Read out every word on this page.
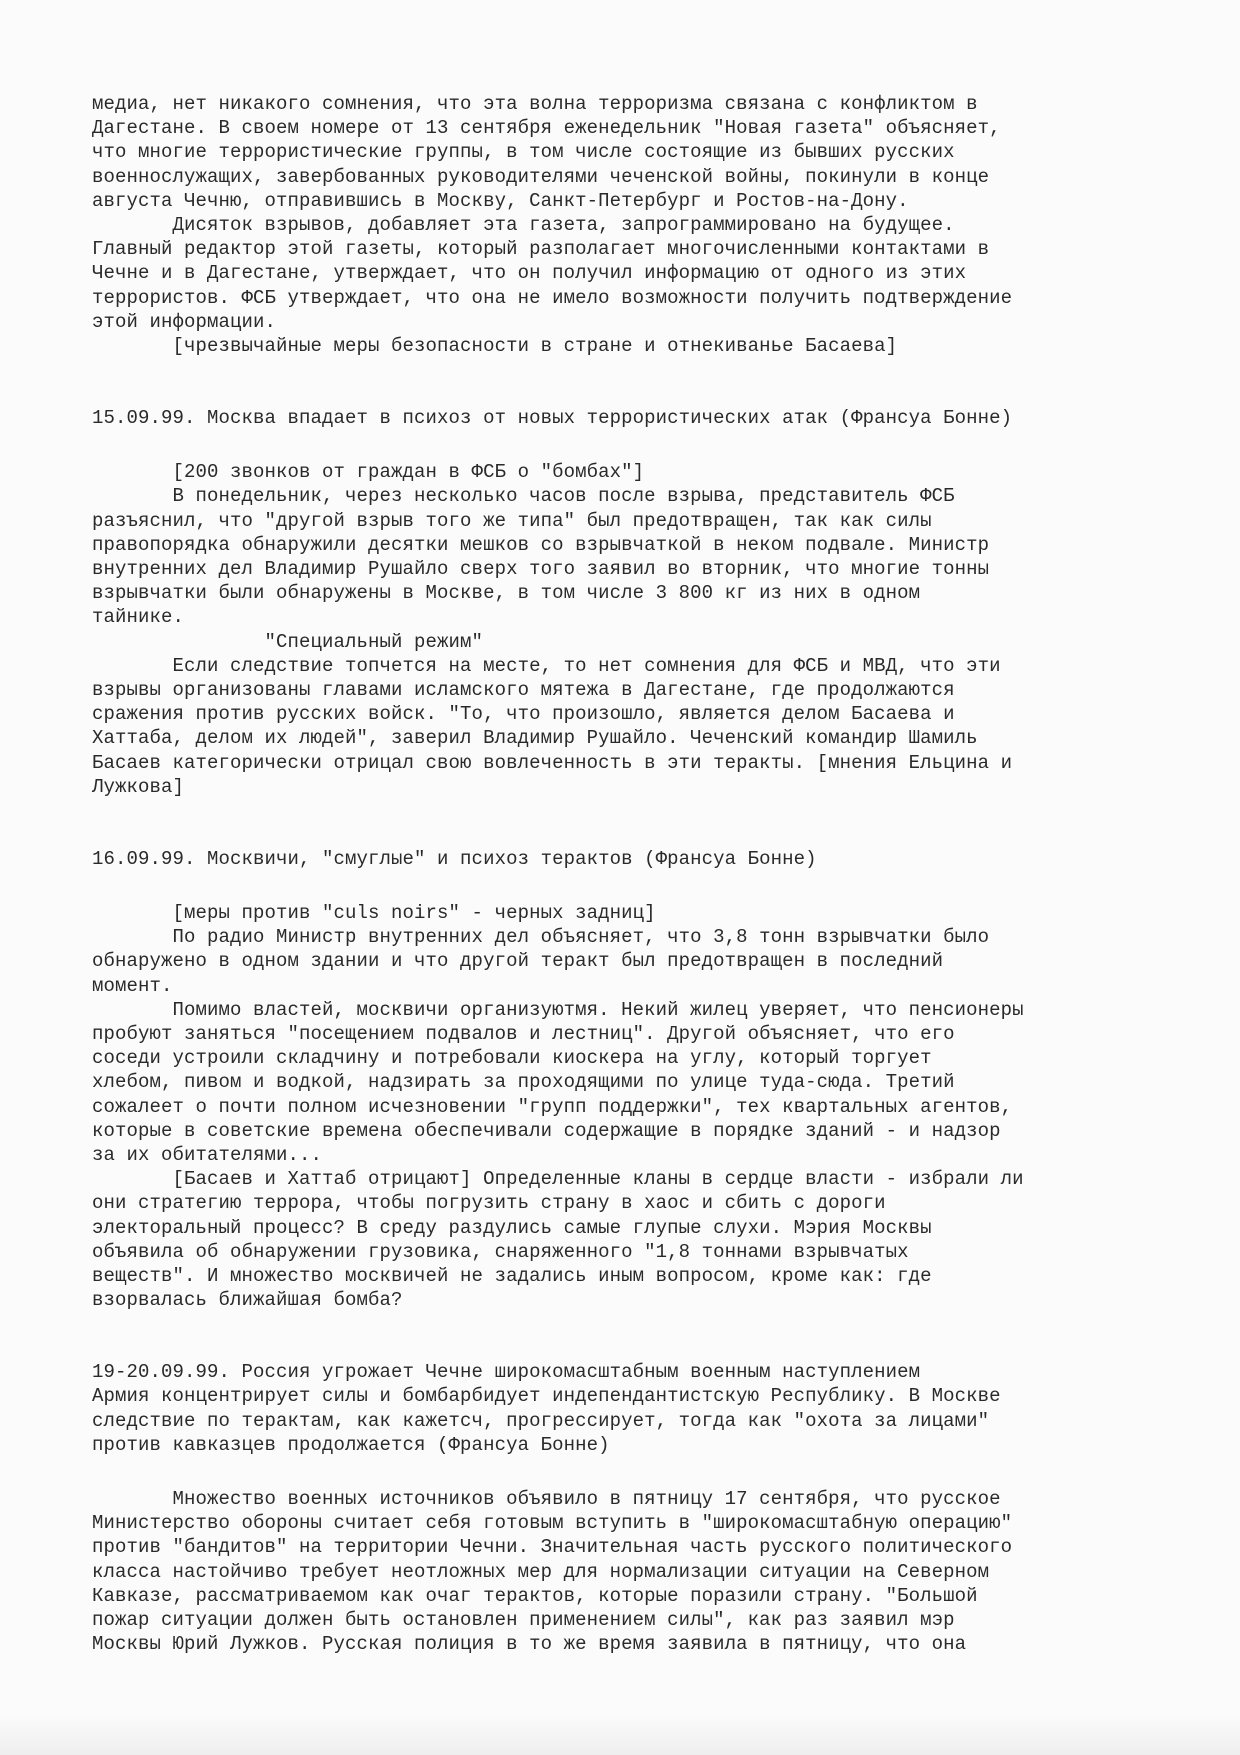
медиа, нет никакого сомнения, что эта волна терроризма связана с конфликтом в
Дагестане. В своем номере от 13 сентября еженедельник "Новая газета" объясняет,
что многие террористические группы, в том числе состоящие из бывших русских
военнослужащих, завербованных руководителями чеченской войны, покинули в конце
августа Чечню, отправившись в Москву, Санкт-Петербург и Ростов-на-Дону.
Дисяток взрывов, добавляет эта газета, запрограммировано на будущее.
Главный редактор этой газеты, который разполагает многочисленными контактами в
Чечне и в Дагестане, утверждает, что он получил информацию от одного из этих
террористов. ФСБ утверждает, что она не имело возможности получить подтверждение
этой информации.
[чрезвычайные меры безопасности в стране и отнекиванье Басаева]
15.09.99. Москва впадает в психоз от новых террористических атак (Франсуа Бонне)
[200 звонков от граждан в ФСБ о "бомбах"]
В понедельник, через несколько часов после взрыва, представитель ФСБ
разъяснил, что "другой взрыв того же типа" был предотвращен, так как силы
правопорядка обнаружили десятки мешков со взрывчаткой в неком подвале. Министр
внутренних дел Владимир Рушайло сверх того заявил во вторник, что многие тонны
взрывчатки были обнаружены в Москве, в том числе 3 800 кг из них в одном
тайнике.
"Специальный режим"
Если следствие топчется на месте, то нет сомнения для ФСБ и МВД, что эти
взрывы организованы главами исламского мятежа в Дагестане, где продолжаются
сражения против русских войск. "То, что произошло, является делом Басаева и
Хаттаба, делом их людей", заверил Владимир Рушайло. Чеченский командир Шамиль
Басаев категорически отрицал свою вовлеченность в эти теракты. [мнения Ельцина и
Лужкова]
16.09.99. Москвичи, "смуглые" и психоз терактов (Франсуа Бонне)
[меры против "culs noirs" - черных задниц]
По радио Министр внутренних дел объясняет, что 3,8 тонн взрывчатки было
обнаружено в одном здании и что другой теракт был предотвращен в последний
момент.
Помимо властей, москвичи организуютмя. Некий жилец уверяет, что пенсионеры
пробуют заняться "посещением подвалов и лестниц". Другой объясняет, что его
соседи устроили складчину и потребовали киоскера на углу, который торгует
хлебом, пивом и водкой, надзирать за проходящими по улице туда-сюда. Третий
сожалеет о почти полном исчезновении "групп поддержки", тех квартальных агентов,
которые в советские времена обеспечивали содержащие в порядке зданий - и надзор
за их обитателями...
[Басаев и Хаттаб отрицают] Определенные кланы в сердце власти - избрали ли
они стратегию террора, чтобы погрузить страну в хаос и сбить с дороги
электоральный процесс? В среду раздулись самые глупые слухи. Мэрия Москвы
объявила об обнаружении грузовика, снаряженного "1,8 тоннами взрывчатых
веществ". И множество москвичей не задались иным вопросом, кроме как: где
взорвалась ближайшая бомба?
19-20.09.99. Россия угрожает Чечне широкомасштабным военным наступлением
Армия концентрирует силы и бомбарбидует индепендантистскую Республику. В Москве
следствие по терактам, как кажетсч, прогрессирует, тогда как "охота за лицами"
против кавказцев продолжается (Франсуа Бонне)
Множество военных источников объявило в пятницу 17 сентября, что русское
Министерство обороны считает себя готовым вступить в "широкомасштабную операцию"
против "бандитов" на территории Чечни. Значительная часть русского политического
класса настойчиво требует неотложных мер для нормализации ситуации на Северном
Кавказе, рассматриваемом как очаг терактов, которые поразили страну. "Большой
пожар ситуации должен быть остановлен применением силы", как раз заявил мэр
Москвы Юрий Лужков. Русская полиция в то же время заявила в пятницу, что она
